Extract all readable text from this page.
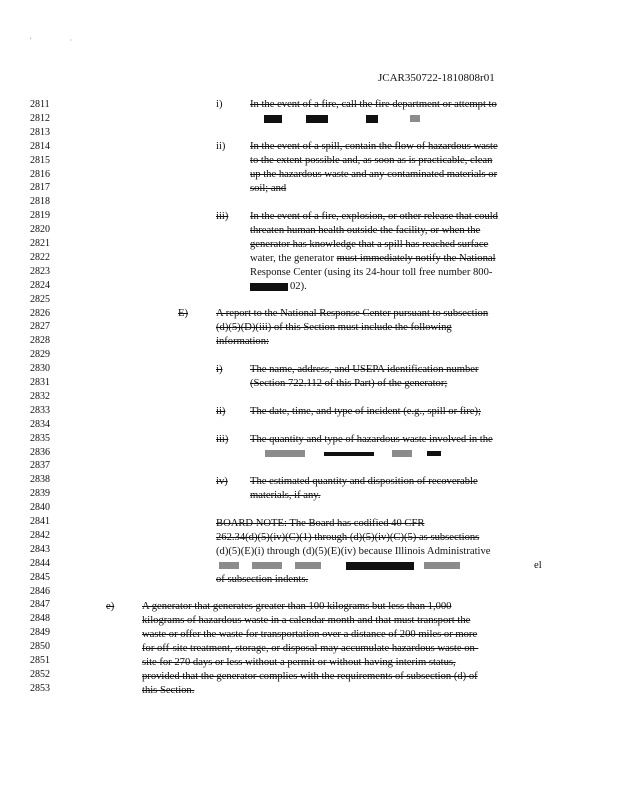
' ·
JCAR350722-1810808r01
2811
2812
2813
2814
2815
2816
2817
2818
2819
2820
2821
2822
2823
2824
2825
2826
2827
2828
2829
2830
2831
2832
2833
2834
2835
2836
2837
2838
2839
2840
2841
2842
2843
2844
2845
2846
2847
2848
2849
2850
2851
2852
2853
i)	In the event of a fire, call the fire department or attempt to
ii) In the event of a spill, contain the flow of hazardous waste
to the extent possible and, as soon as is practicable, clean
up the hazardous waste and any contaminated materials or
soil; and
iii) In the event of a fire, explosion, or other release that could
threaten human health outside the facility, or when the
generator has knowledge that a spill has reached surface
water, the generator must immediately notify the National
Response Center (using its 24-hour toll free number 800-
02).
E)	A report to the National Response Center pursuant to subsection
(d)(5)(D)(iii) of this Section must include the following
information:
i)	The name, address, and USEPA identification number
(Section 722.112 of this Part) of the generator;
ii) The date, time, and type of incident (e.g., spill or fire);
iii) The quantity and type of hazardous waste involved in the
iv) The estimated quantity and disposition of recoverable
materials, if any.
BOARD NOTE: The Board has codified 40 CFR
262.34(d)(5)(iv)(C)(1) through (d)(5)(iv)(C)(5) as subsections
(d)(5)(E)(i) through (d)(5)(E)(iv) because Illinois Administrative
el
of subsection indents.
e)	A generator that generates greater than 100 kilograms but less than 1,000
kilograms of hazardous waste in a calendar month and that must transport the
waste or offer the waste for transportation over a distance of 200 miles or more
for off-site treatment, storage, or disposal may accumulate hazardous waste on-
site for 270 days or less without a permit or without having interim status,
provided that the generator complies with the requirements of subsection (d) of
this Section.
